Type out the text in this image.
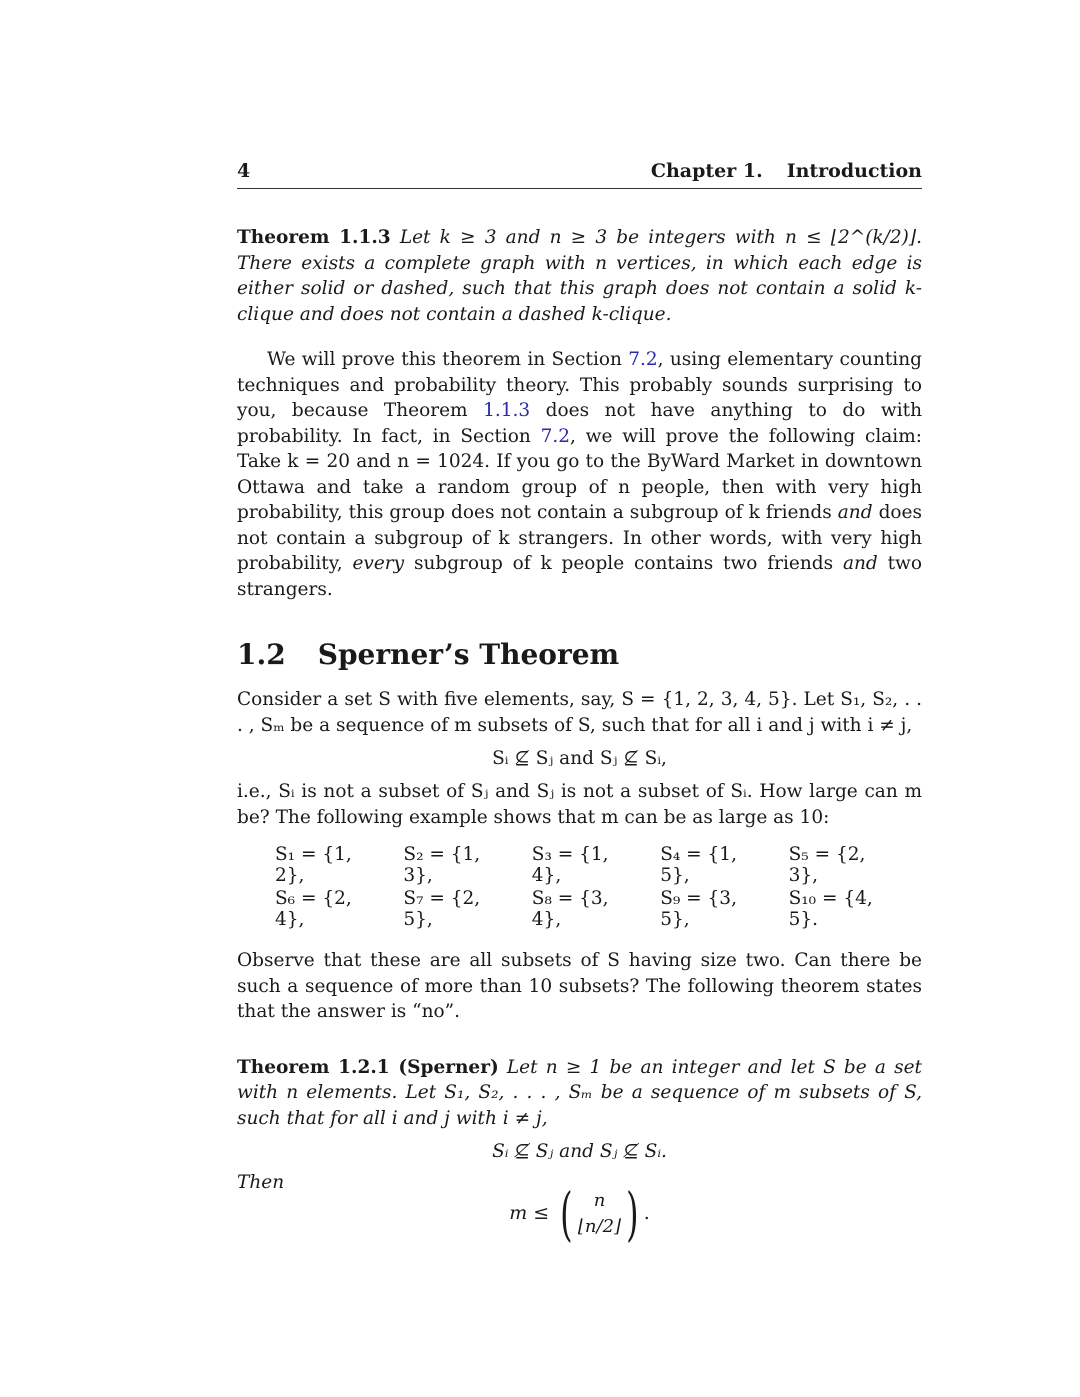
4	Chapter 1. Introduction

Theorem 1.1.3 Let k ≥ 3 and n ≥ 3 be integers with n ≤ ⌊2^(k/2)⌋. There exists a complete graph with n vertices, in which each edge is either solid or dashed, such that this graph does not contain a solid k-clique and does not contain a dashed k-clique.

We will prove this theorem in Section 7.2, using elementary counting techniques and probability theory. This probably sounds surprising to you, because Theorem 1.1.3 does not have anything to do with probability. In fact, in Section 7.2, we will prove the following claim: Take k = 20 and n = 1024. If you go to the ByWard Market in downtown Ottawa and take a random group of n people, then with very high probability, this group does not contain a subgroup of k friends and does not contain a subgroup of k strangers. In other words, with very high probability, every subgroup of k people contains two friends and two strangers.

1.2 Sperner’s Theorem

Consider a set S with five elements, say, S = {1, 2, 3, 4, 5}. Let S₁, S₂, . . . , Sₘ be a sequence of m subsets of S, such that for all i and j with i ≠ j,

Sᵢ ⊈ Sⱼ and Sⱼ ⊈ Sᵢ,

i.e., Sᵢ is not a subset of Sⱼ and Sⱼ is not a subset of Sᵢ. How large can m be? The following example shows that m can be as large as 10:

S₁ = {1, 2},
S₂ = {1, 3},
S₃ = {1, 4},
S₄ = {1, 5},
S₅ = {2, 3},
S₆ = {2, 4},
S₇ = {2, 5},
S₈ = {3, 4},
S₉ = {3, 5},
S₁₀ = {4, 5}.

Observe that these are all subsets of S having size two. Can there be such a sequence of more than 10 subsets? The following theorem states that the answer is “no”.

Theorem 1.2.1 (Sperner) Let n ≥ 1 be an integer and let S be a set with n elements. Let S₁, S₂, . . . , Sₘ be a sequence of m subsets of S, such that for all i and j with i ≠ j,

Sᵢ ⊈ Sⱼ and Sⱼ ⊈ Sᵢ.
Then
m ≤ ( n
⌊n/2⌋ ) .
